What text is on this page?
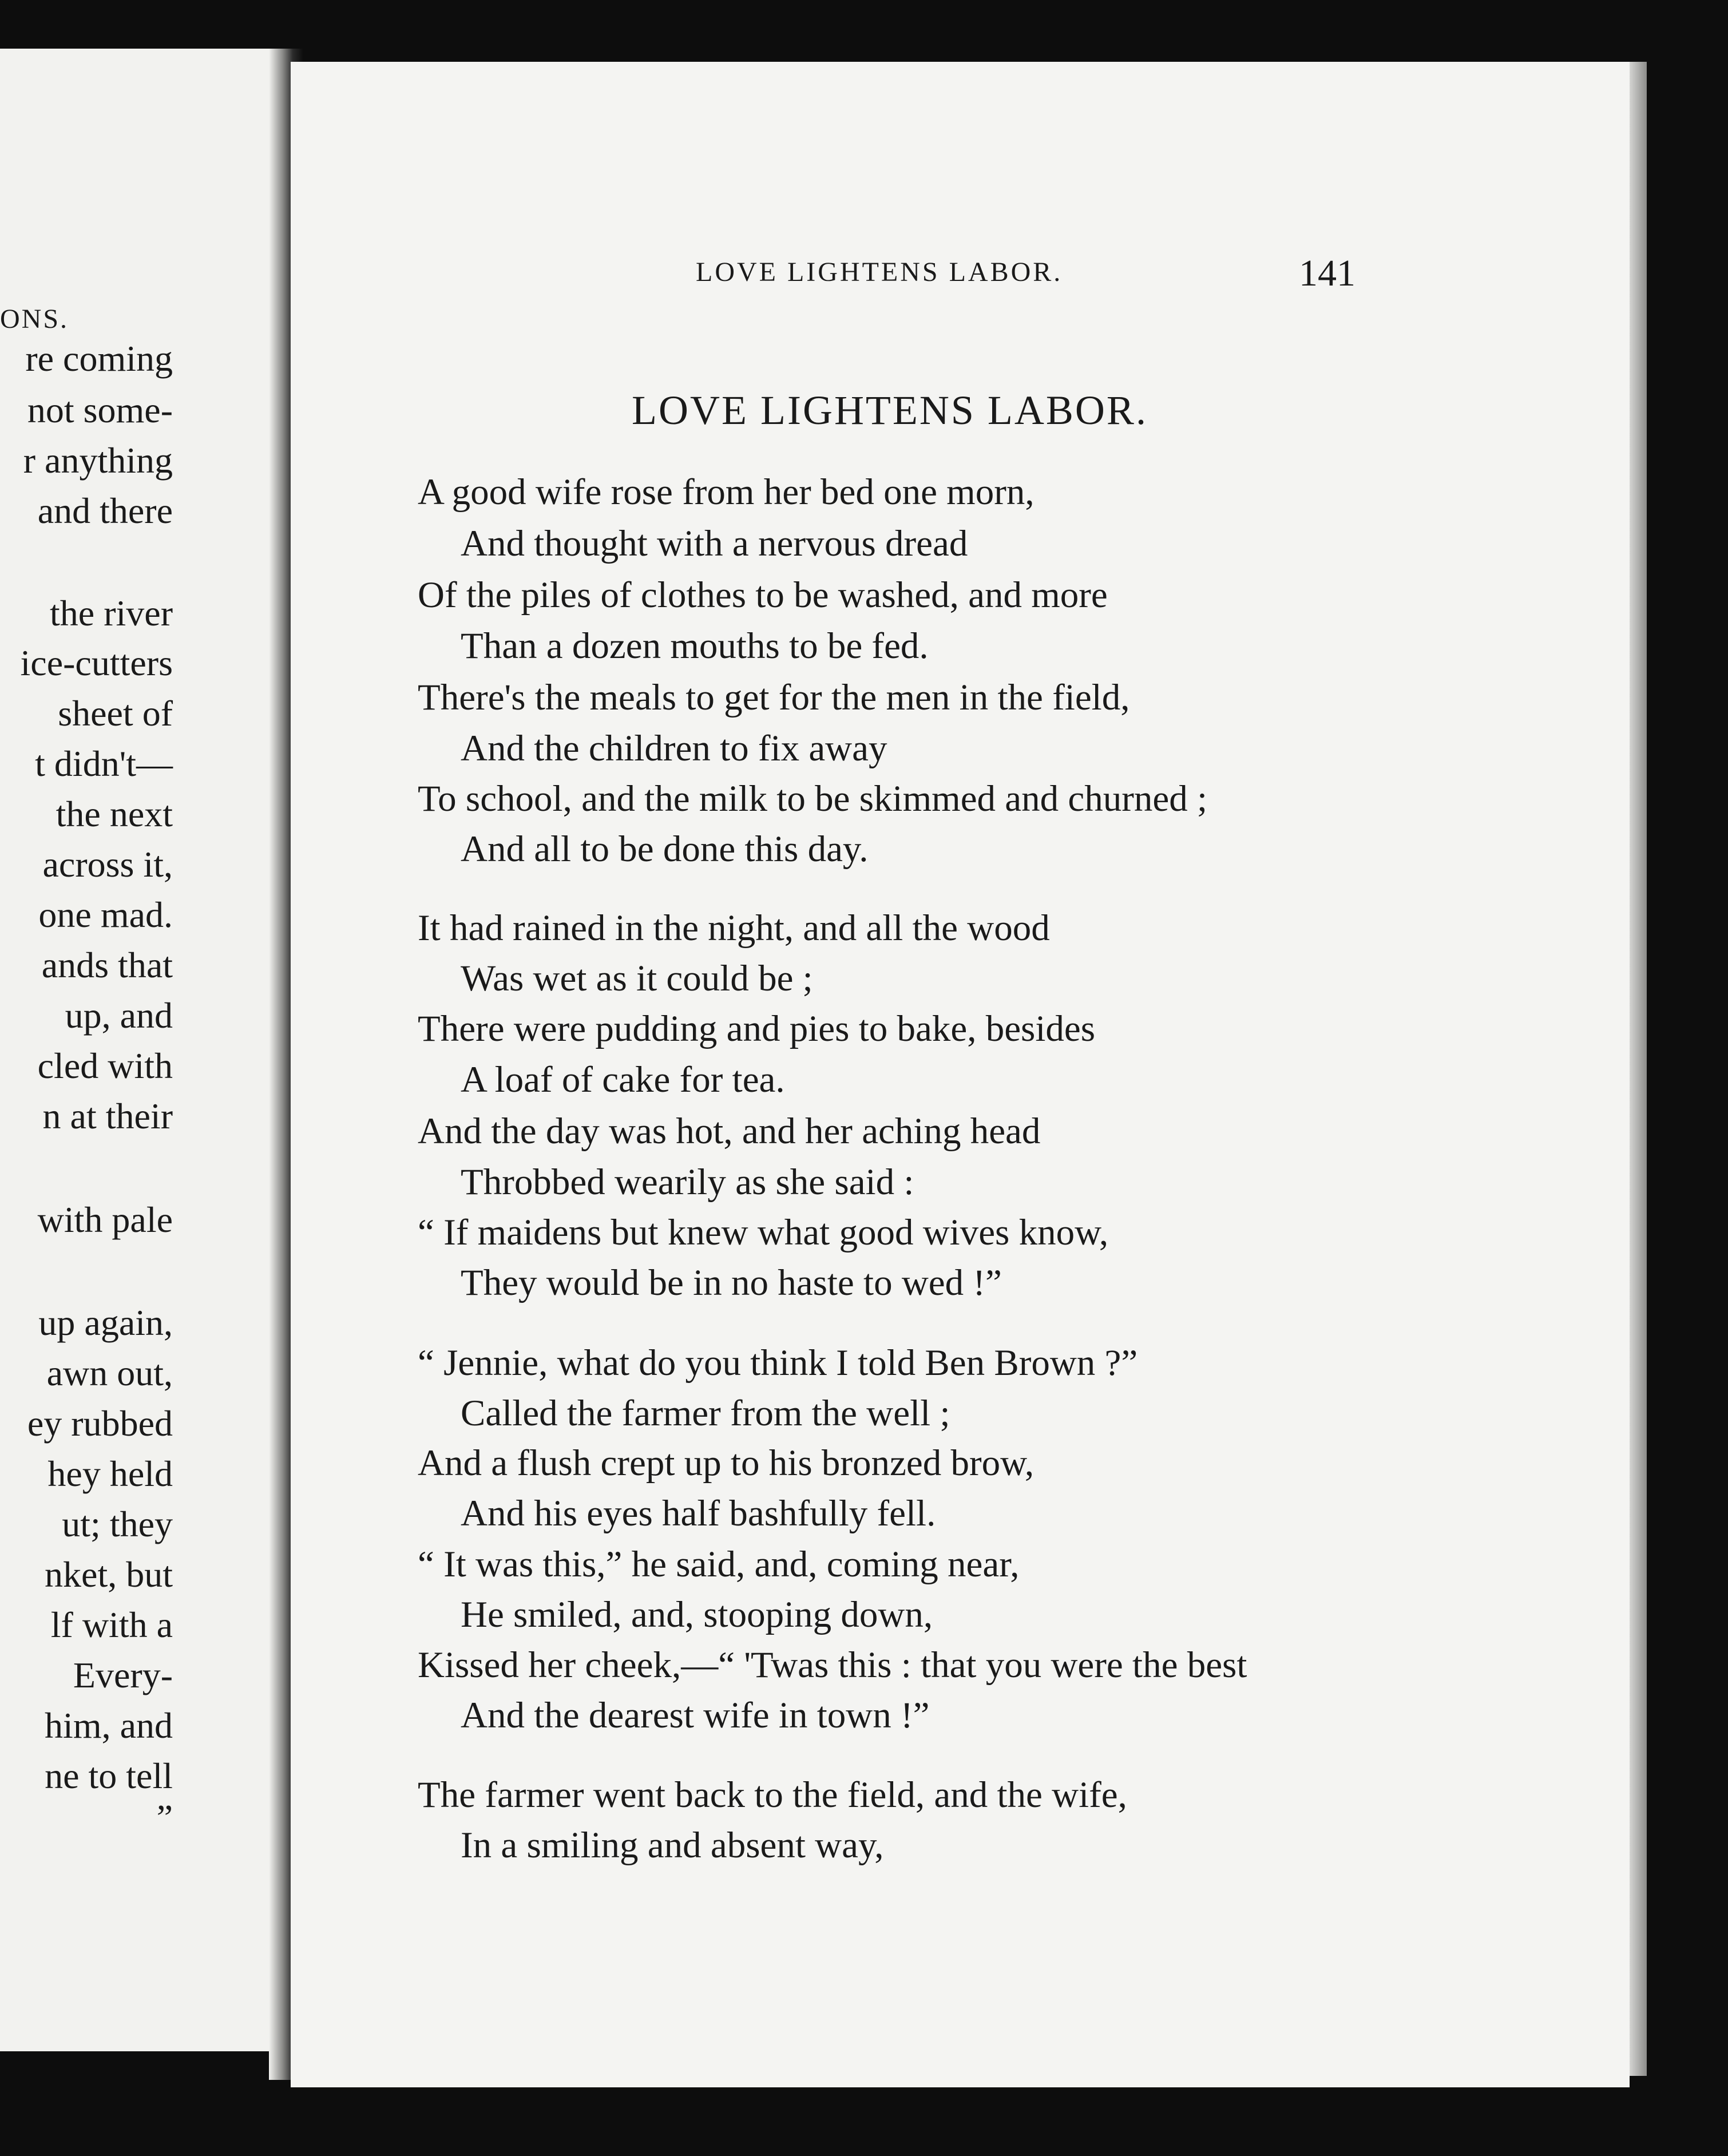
ONS.
re coming
not some-
r anything
and there
the river
ice-cutters
sheet of
t didn't—
the next
across it,
one mad.
ands that
up, and
cled with
n at their
with pale
up again,
awn out,
ey rubbed
hey held
ut; they
nket, but
lf with a
Every-
him, and
ne to tell
”
LOVE LIGHTENS LABOR.	141
LOVE LIGHTENS LABOR.
A good wife rose from her bed one morn,
And thought with a nervous dread
Of the piles of clothes to be washed, and more
Than a dozen mouths to be fed.
There's the meals to get for the men in the field,
And the children to fix away
To school, and the milk to be skimmed and churned ;
And all to be done this day.
It had rained in the night, and all the wood
Was wet as it could be ;
There were pudding and pies to bake, besides
A loaf of cake for tea.
And the day was hot, and her aching head
Throbbed wearily as she said :
“ If maidens but knew what good wives know,
They would be in no haste to wed !”
“ Jennie, what do you think I told Ben Brown ?”
Called the farmer from the well ;
And a flush crept up to his bronzed brow,
And his eyes half bashfully fell.
“ It was this,” he said, and, coming near,
He smiled, and, stooping down,
Kissed her cheek,—“ 'Twas this : that you were the best
And the dearest wife in town !”
The farmer went back to the field, and the wife,
In a smiling and absent way,
